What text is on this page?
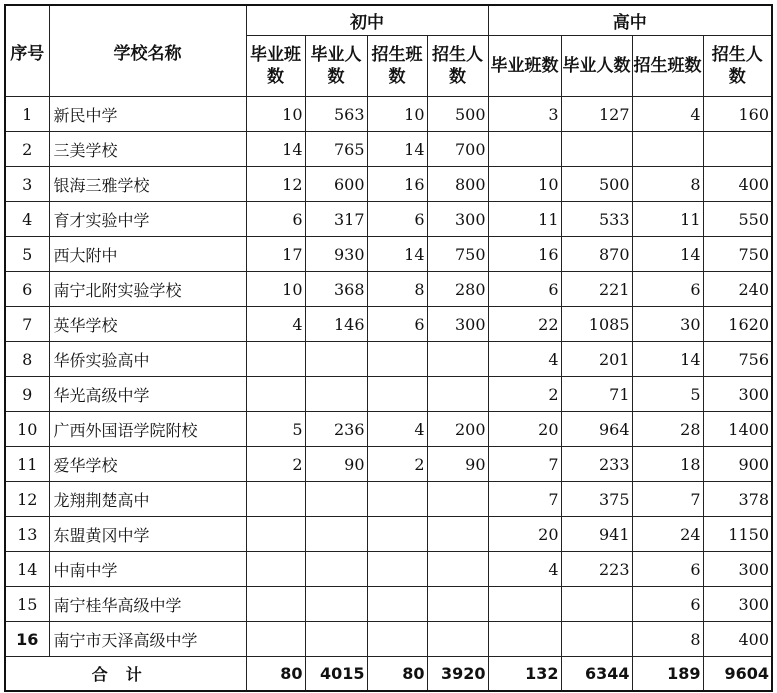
序号	学校名称	初中				高中			
		毕业班数	毕业人数	招生班数	招生人数	毕业班数	毕业人数	招生班数	招生人数
1	新民中学	10	563	10	500	3	127	4	160
2	三美学校	14	765	14	700				
3	银海三雅学校	12	600	16	800	10	500	8	400
4	育才实验中学	6	317	6	300	11	533	11	550
5	西大附中	17	930	14	750	16	870	14	750
6	南宁北附实验学校	10	368	8	280	6	221	6	240
7	英华学校	4	146	6	300	22	1085	30	1620
8	华侨实验高中					4	201	14	756
9	华光高级中学					2	71	5	300
10	广西外国语学院附校	5	236	4	200	20	964	28	1400
11	爱华学校	2	90	2	90	7	233	18	900
12	龙翔荆楚高中					7	375	7	378
13	东盟黄冈中学					20	941	24	1150
14	中南中学					4	223	6	300
15	南宁桂华高级中学							6	300
16	南宁市天泽高级中学							8	400
合计		80	4015	80	3920	132	6344	189	9604
